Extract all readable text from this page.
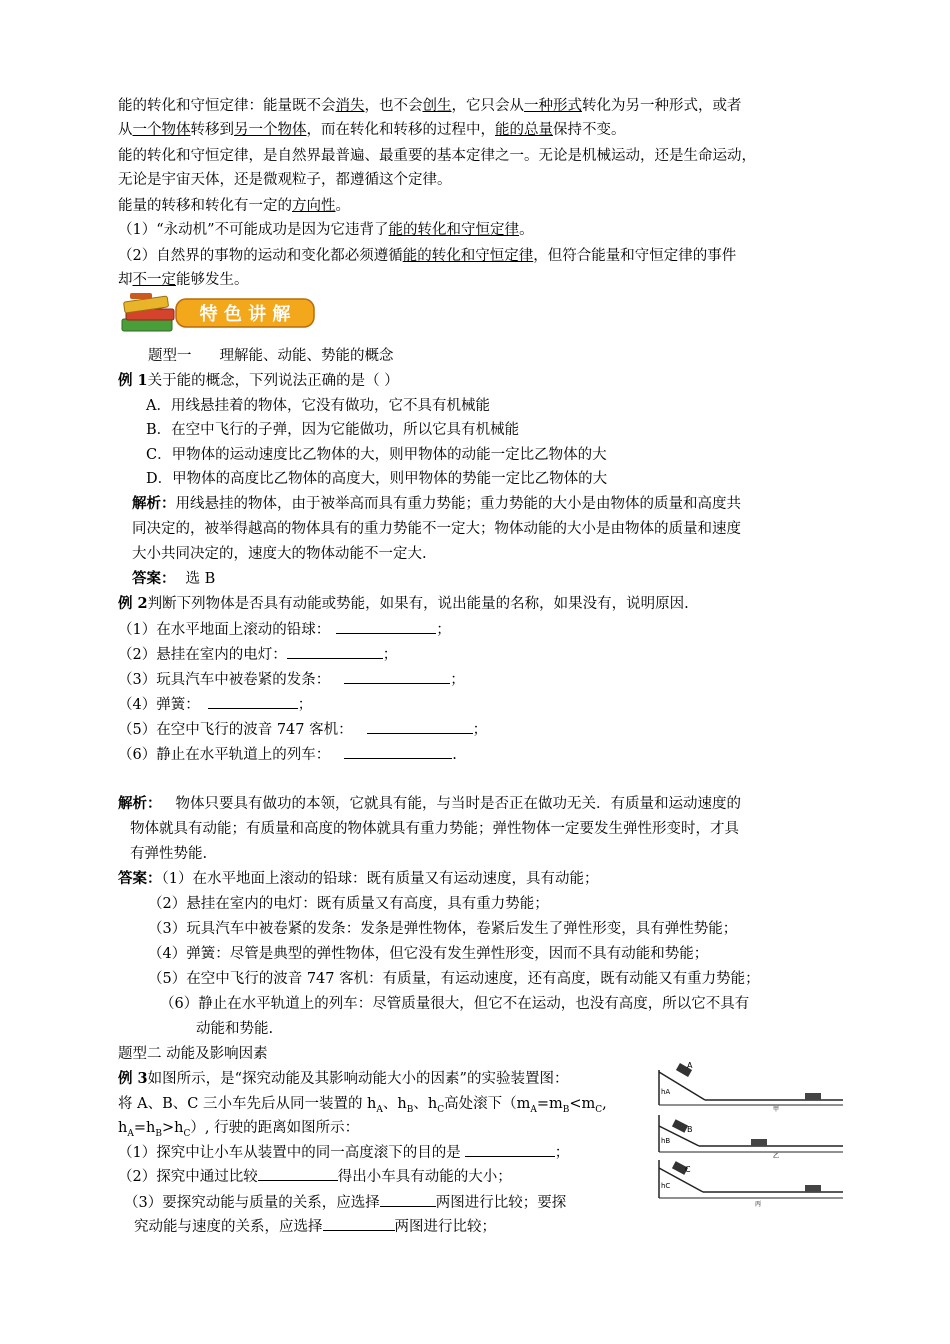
能的转化和守恒定律：能量既不会消失，也不会创生，它只会从一种形式转化为另一种形式，或者
从一个物体转移到另一个物体，而在转化和转移的过程中，能的总量保持不变。
能的转化和守恒定律，是自然界最普遍、最重要的基本定律之一。无论是机械运动，还是生命运动，
无论是宇宙天体，还是微观粒子，都遵循这个定律。
能量的转移和转化有一定的方向性。
（1）“永动机”不可能成功是因为它违背了能的转化和守恒定律。
（2）自然界的事物的运动和变化都必须遵循能的转化和守恒定律，但符合能量和守恒定律的事件
却不一定能够发生。
特 色 讲 解
题型一 理解能、动能、势能的概念
例 1关于能的概念，下列说法正确的是（ ）
A．用线悬挂着的物体，它没有做功，它不具有机械能
B．在空中飞行的子弹，因为它能做功，所以它具有机械能
C．甲物体的运动速度比乙物体的大，则甲物体的动能一定比乙物体的大
D．甲物体的高度比乙物体的高度大，则甲物体的势能一定比乙物体的大
解析：用线悬挂的物体，由于被举高而具有重力势能；重力势能的大小是由物体的质量和高度共
同决定的，被举得越高的物体具有的重力势能不一定大；物体动能的大小是由物体的质量和速度
大小共同决定的，速度大的物体动能不一定大.
答案： 选 B
例 2判断下列物体是否具有动能或势能，如果有，说出能量的名称，如果没有，说明原因.
（1）在水平地面上滚动的铅球：	；
（2）悬挂在室内的电灯：	；
（3）玩具汽车中被卷紧的发条：	；
（4）弹簧：	；
（5）在空中飞行的波音 747 客机：	；
（6）静止在水平轨道上的列车：	.
解析： 物体只要具有做功的本领，它就具有能，与当时是否正在做功无关．有质量和运动速度的
物体就具有动能；有质量和高度的物体就具有重力势能；弹性物体一定要发生弹性形变时，才具
有弹性势能.
答案：（1）在水平地面上滚动的铅球：既有质量又有运动速度，具有动能；
（2）悬挂在室内的电灯：既有质量又有高度，具有重力势能；
（3）玩具汽车中被卷紧的发条：发条是弹性物体，卷紧后发生了弹性形变，具有弹性势能；
（4）弹簧：尽管是典型的弹性物体，但它没有发生弹性形变，因而不具有动能和势能；
（5）在空中飞行的波音 747 客机：有质量，有运动速度，还有高度，既有动能又有重力势能；
（6）静止在水平轨道上的列车：尽管质量很大，但它不在运动，也没有高度，所以它不具有
动能和势能.
题型二 动能及影响因素
例 3如图所示，是“探究动能及其影响动能大小的因素”的实验装置图：
将 A、B、C 三小车先后从同一装置的 $h_A$、$h_B$、$h_C$高处滚下（$m_A=m_B<m_C$,
$h_A=h_B>h_C$）, 行驶的距离如图所示：
（1）探究中让小车从装置中的同一高度滚下的目的是	；
（2）探究中通过比较	得出小车具有动能的大小；
（3）要探究动能与质量的关系，应选择	两图进行比较；要探
究动能与速度的关系，应选择	两图进行比较；
A
hA
甲
B
hB
乙
C
hC
丙
